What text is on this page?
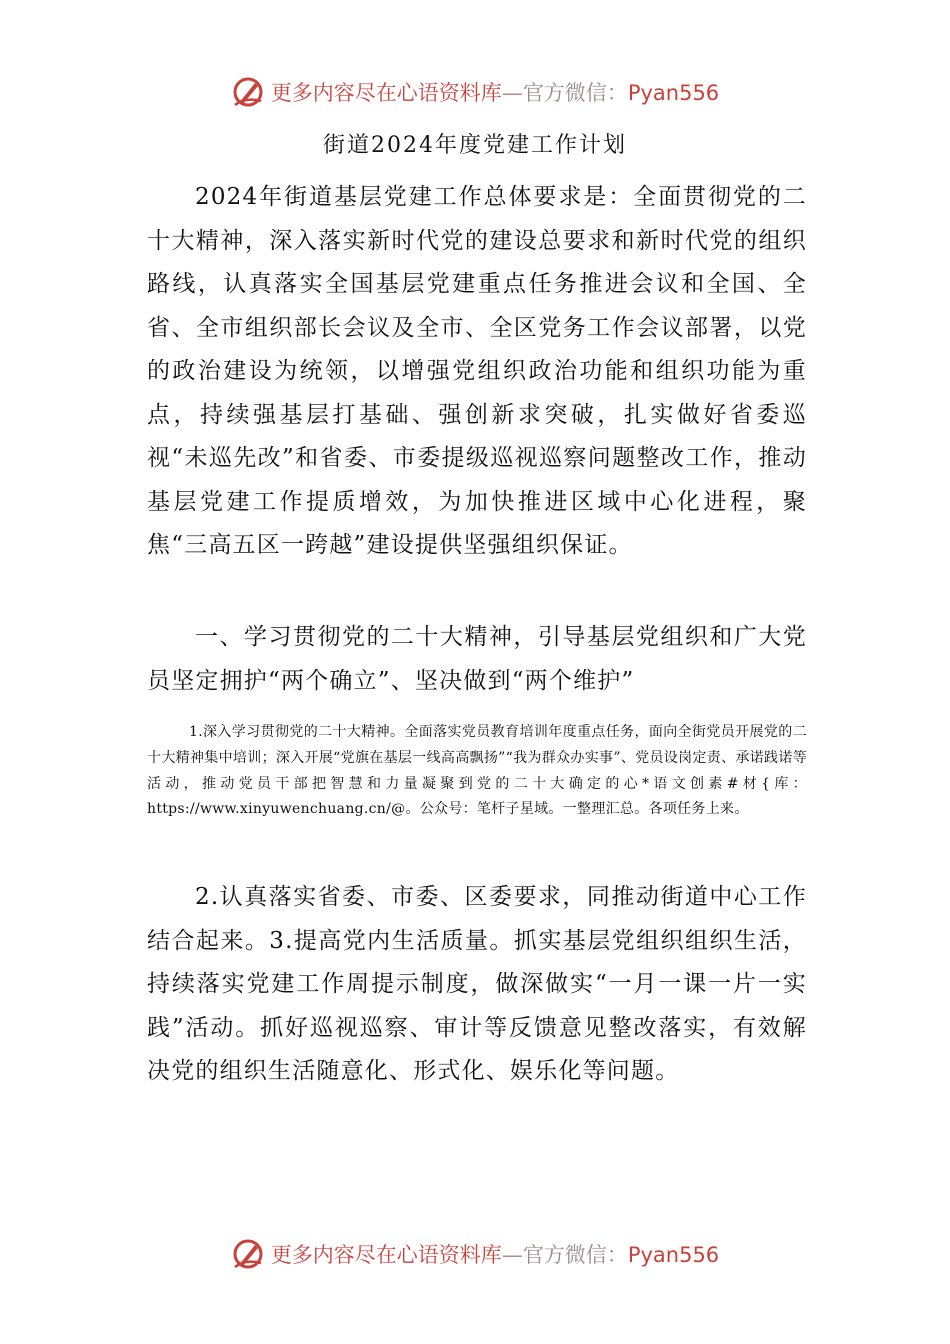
更多内容尽在心语资料库—官方微信：Pyan556
街道2024年度党建工作计划

2024年街道基层党建工作总体要求是：全面贯彻党的二十大精神，深入落实新时代党的建设总要求和新时代党的组织路线，认真落实全国基层党建重点任务推进会议和全国、全省、全市组织部长会议及全市、全区党务工作会议部署，以党的政治建设为统领，以增强党组织政治功能和组织功能为重点，持续强基层打基础、强创新求突破，扎实做好省委巡视“未巡先改”和省委、市委提级巡视巡察问题整改工作，推动基层党建工作提质增效，为加快推进区域中心化进程，聚焦“三高五区一跨越”建设提供坚强组织保证。

一、学习贯彻党的二十大精神，引导基层党组织和广大党员坚定拥护“两个确立”、坚决做到“两个维护”

1.深入学习贯彻党的二十大精神。全面落实党员教育培训年度重点任务，面向全街党员开展党的二十大精神集中培训；深入开展“党旗在基层一线高高飘扬”“我为群众办实事”、党员设岗定责、承诺践诺等活动，推动党员干部把智慧和力量凝聚到党的二十大确定的心*语文创素#材{库：https://www.xinyuwenchuang.cn/@。公众号：笔杆子星域。一整理汇总。各项任务上来。

2.认真落实省委、市委、区委要求，同推动街道中心工作结合起来。3.提高党内生活质量。抓实基层党组织组织生活，持续落实党建工作周提示制度，做深做实“一月一课一片一实践”活动。抓好巡视巡察、审计等反馈意见整改落实，有效解决党的组织生活随意化、形式化、娱乐化等问题。

更多内容尽在心语资料库—官方微信：Pyan556
